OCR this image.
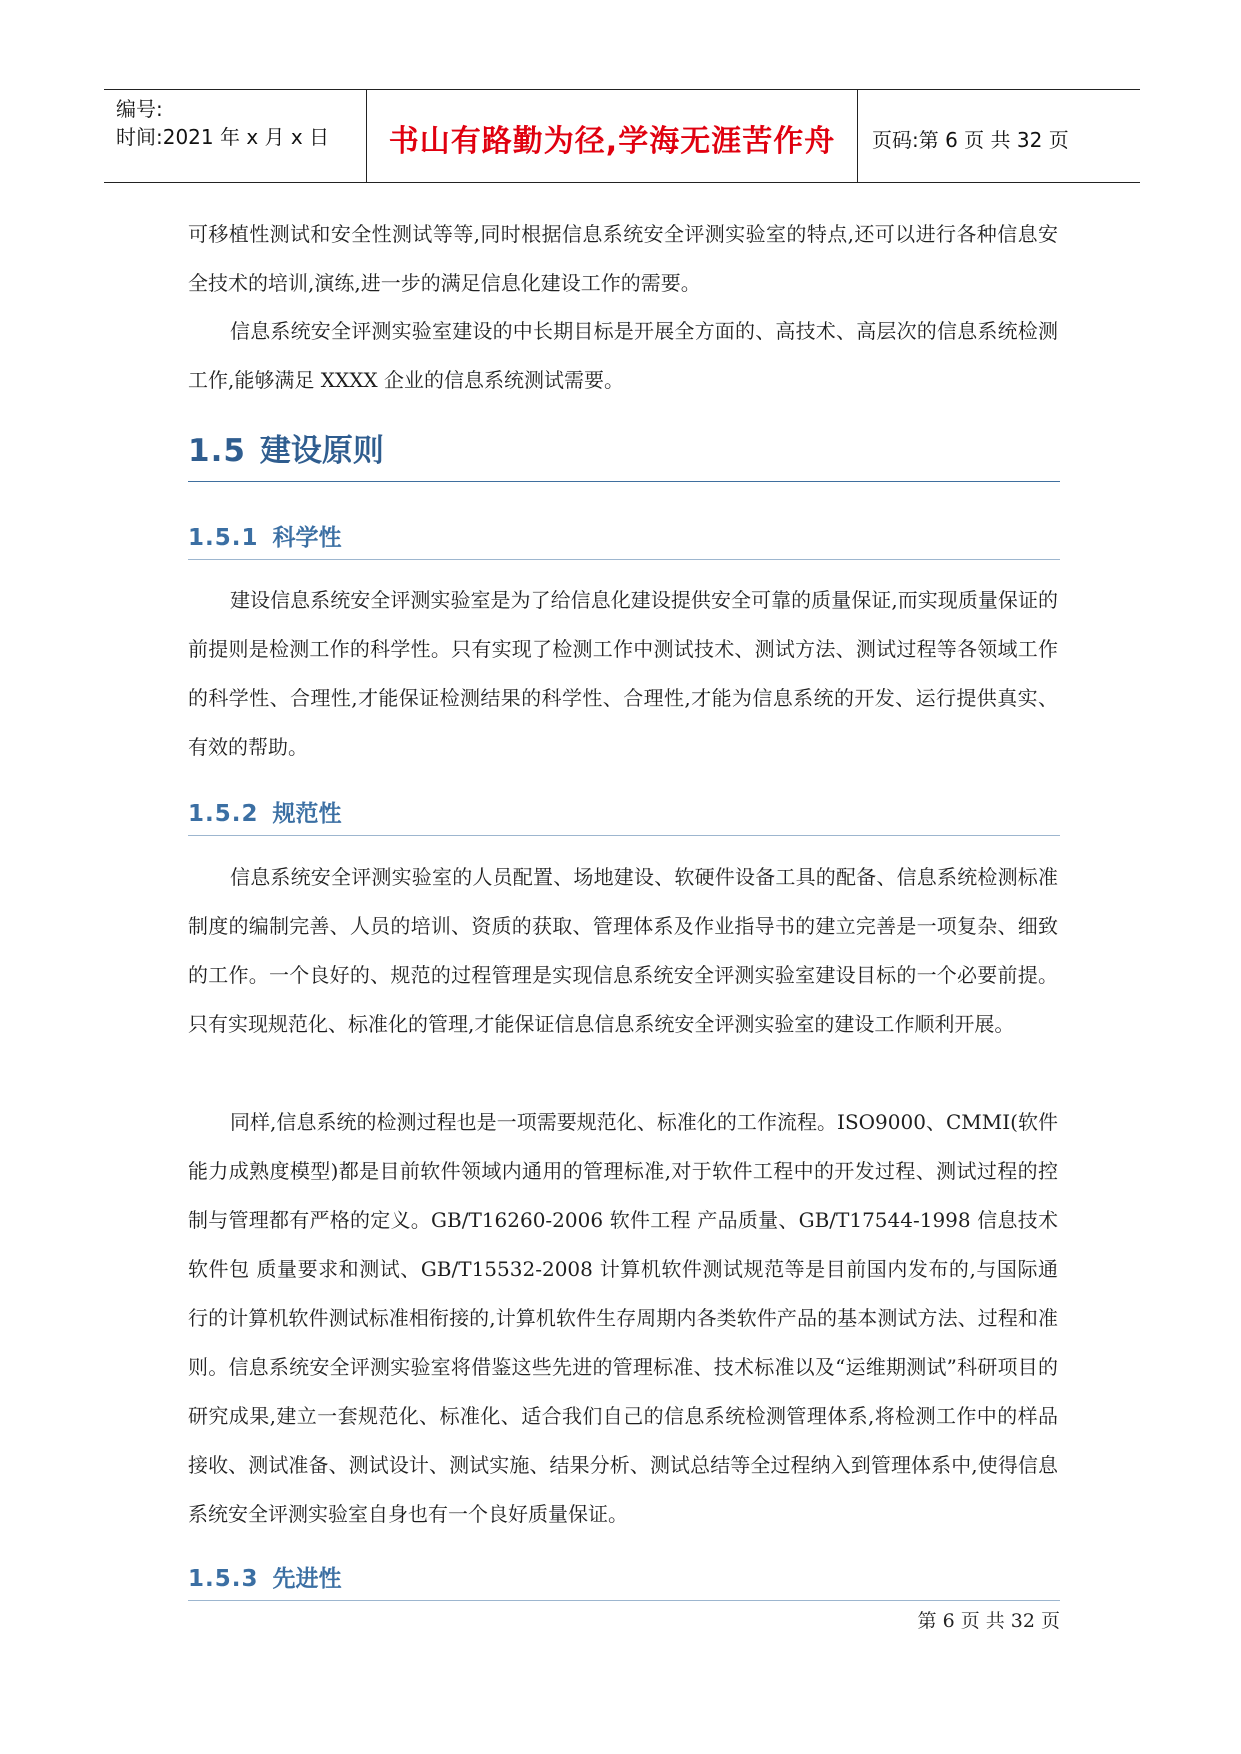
编号:
时间:2021 年 x 月 x 日	书山有路勤为径,学海无涯苦作舟	页码:第 6 页 共 32 页
可移植性测试和安全性测试等等,同时根据信息系统安全评测实验室的特点,还可以进行各种信息安全技术的培训,演练,进一步的满足信息化建设工作的需要。
信息系统安全评测实验室建设的中长期目标是开展全方面的、高技术、高层次的信息系统检测工作,能够满足 XXXX 企业的信息系统测试需要。
1.5 建设原则
1.5.1 科学性
建设信息系统安全评测实验室是为了给信息化建设提供安全可靠的质量保证,而实现质量保证的前提则是检测工作的科学性。只有实现了检测工作中测试技术、测试方法、测试过程等各领域工作的科学性、合理性,才能保证检测结果的科学性、合理性,才能为信息系统的开发、运行提供真实、有效的帮助。
1.5.2 规范性
信息系统安全评测实验室的人员配置、场地建设、软硬件设备工具的配备、信息系统检测标准制度的编制完善、人员的培训、资质的获取、管理体系及作业指导书的建立完善是一项复杂、细致的工作。一个良好的、规范的过程管理是实现信息系统安全评测实验室建设目标的一个必要前提。只有实现规范化、标准化的管理,才能保证信息信息系统安全评测实验室的建设工作顺利开展。
同样,信息系统的检测过程也是一项需要规范化、标准化的工作流程。ISO9000、CMMI(软件能力成熟度模型)都是目前软件领域内通用的管理标准,对于软件工程中的开发过程、测试过程的控制与管理都有严格的定义。GB/T16260-2006 软件工程 产品质量、GB/T17544-1998 信息技术 软件包 质量要求和测试、GB/T15532-2008 计算机软件测试规范等是目前国内发布的,与国际通行的计算机软件测试标准相衔接的,计算机软件生存周期内各类软件产品的基本测试方法、过程和准则。信息系统安全评测实验室将借鉴这些先进的管理标准、技术标准以及“运维期测试”科研项目的研究成果,建立一套规范化、标准化、适合我们自己的信息系统检测管理体系,将检测工作中的样品接收、测试准备、测试设计、测试实施、结果分析、测试总结等全过程纳入到管理体系中,使得信息系统安全评测实验室自身也有一个良好质量保证。
1.5.3 先进性
第 6 页 共 32 页
